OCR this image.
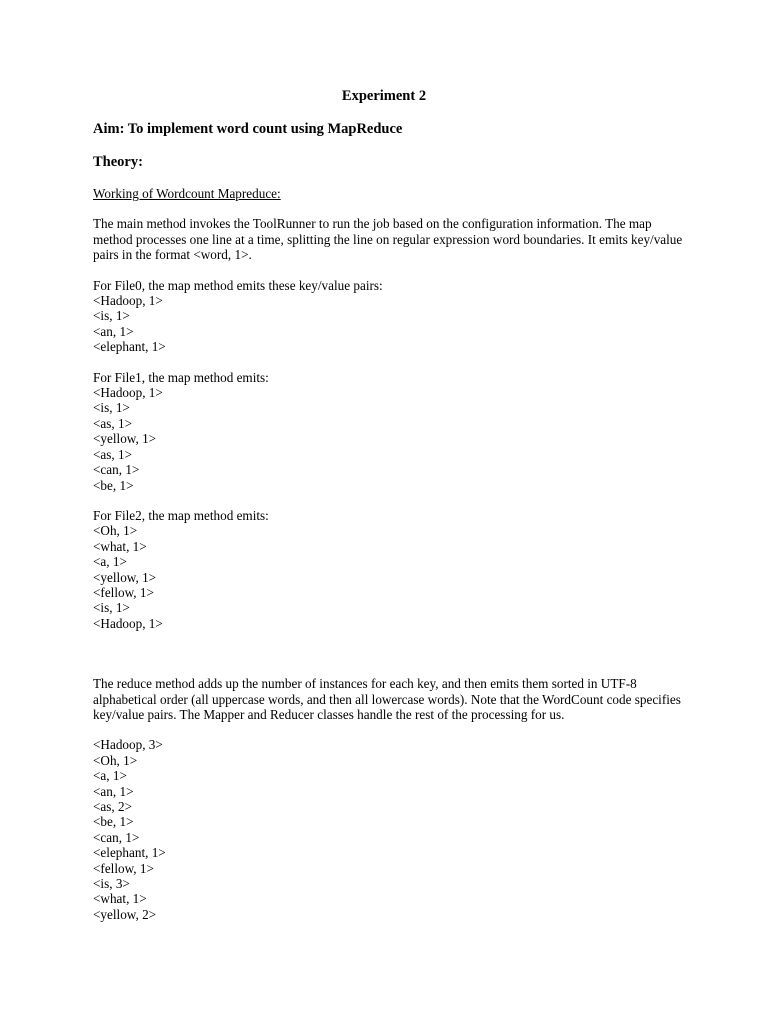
Experiment 2
Aim: To implement word count using MapReduce
Theory:
Working of Wordcount Mapreduce:
The main method invokes the ToolRunner to run the job based on the configuration information. The map method processes one line at a time, splitting the line on regular expression word boundaries. It emits key/value pairs in the format <word, 1>.
For File0, the map method emits these key/value pairs:
<Hadoop, 1>
<is, 1>
<an, 1>
<elephant, 1>
For File1, the map method emits:
<Hadoop, 1>
<is, 1>
<as, 1>
<yellow, 1>
<as, 1>
<can, 1>
<be, 1>
For File2, the map method emits:
<Oh, 1>
<what, 1>
<a, 1>
<yellow, 1>
<fellow, 1>
<is, 1>
<Hadoop, 1>
The reduce method adds up the number of instances for each key, and then emits them sorted in UTF-8 alphabetical order (all uppercase words, and then all lowercase words). Note that the WordCount code specifies key/value pairs. The Mapper and Reducer classes handle the rest of the processing for us.
<Hadoop, 3>
<Oh, 1>
<a, 1>
<an, 1>
<as, 2>
<be, 1>
<can, 1>
<elephant, 1>
<fellow, 1>
<is, 3>
<what, 1>
<yellow, 2>
